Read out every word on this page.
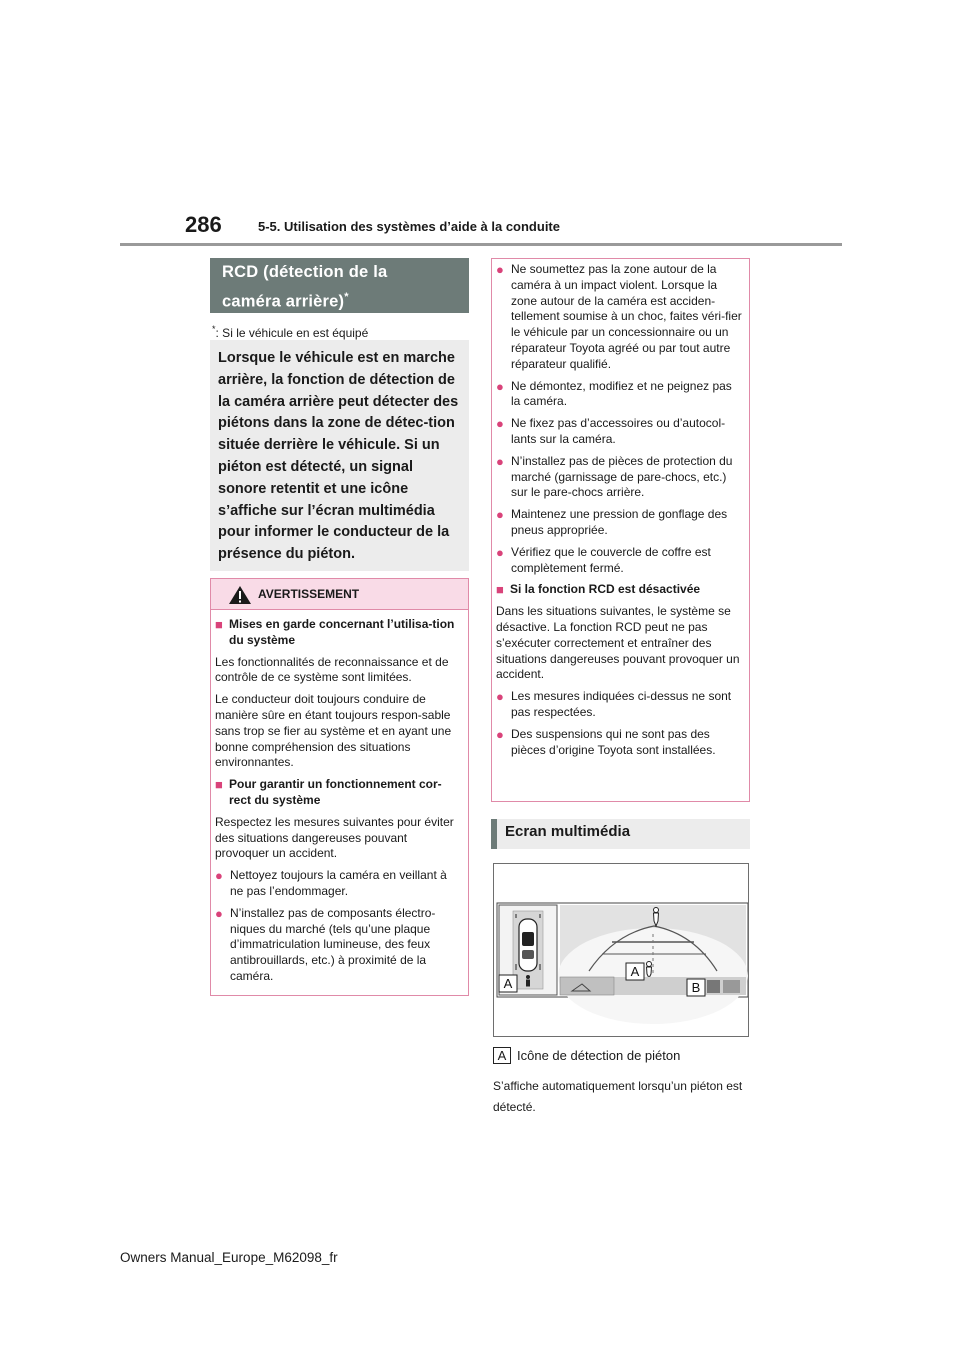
286	5-5. Utilisation des systèmes d’aide à la conduite
RCD (détection de la
caméra arrière)*
*: Si le véhicule en est équipé
Lorsque le véhicule est en marche arrière, la fonction de détection de la caméra arrière peut détecter des piétons dans la zone de détec-tion située derrière le véhicule. Si un piéton est détecté, un signal sonore retentit et une icône s’affiche sur l’écran multimédia pour informer le conducteur de la présence du piéton.
AVERTISSEMENT
■ Mises en garde concernant l’utilisa-tion du système
Les fonctionnalités de reconnaissance et de contrôle de ce système sont limitées.
Le conducteur doit toujours conduire de manière sûre en étant toujours respon-sable sans trop se fier au système et en ayant une bonne compréhension des situations environnantes.
■ Pour garantir un fonctionnement cor-rect du système
Respectez les mesures suivantes pour éviter des situations dangereuses pouvant provoquer un accident.
● Nettoyez toujours la caméra en veillant à ne pas l’endommager.
● N’installez pas de composants électro-niques du marché (tels qu’une plaque d’immatriculation lumineuse, des feux antibrouillards, etc.) à proximité de la caméra.
● Ne soumettez pas la zone autour de la caméra à un impact violent. Lorsque la zone autour de la caméra est acciden-tellement soumise à un choc, faites véri-fier le véhicule par un concessionnaire ou un réparateur Toyota agréé ou par tout autre réparateur qualifié.
● Ne démontez, modifiez et ne peignez pas la caméra.
● Ne fixez pas d’accessoires ou d’autocol-lants sur la caméra.
● N’installez pas de pièces de protection du marché (garnissage de pare-chocs, etc.) sur le pare-chocs arrière.
● Maintenez une pression de gonflage des pneus appropriée.
● Vérifiez que le couvercle de coffre est complètement fermé.
■ Si la fonction RCD est désactivée
Dans les situations suivantes, le système se désactive. La fonction RCD peut ne pas s’exécuter correctement et entraîner des situations dangereuses pouvant provoquer un accident.
● Les mesures indiquées ci-dessus ne sont pas respectées.
● Des suspensions qui ne sont pas des pièces d’origine Toyota sont installées.
Ecran multimédia
A
A
B
A Icône de détection de piéton
S’affiche automatiquement lorsqu’un piéton est détecté.
Owners Manual_Europe_M62098_fr
